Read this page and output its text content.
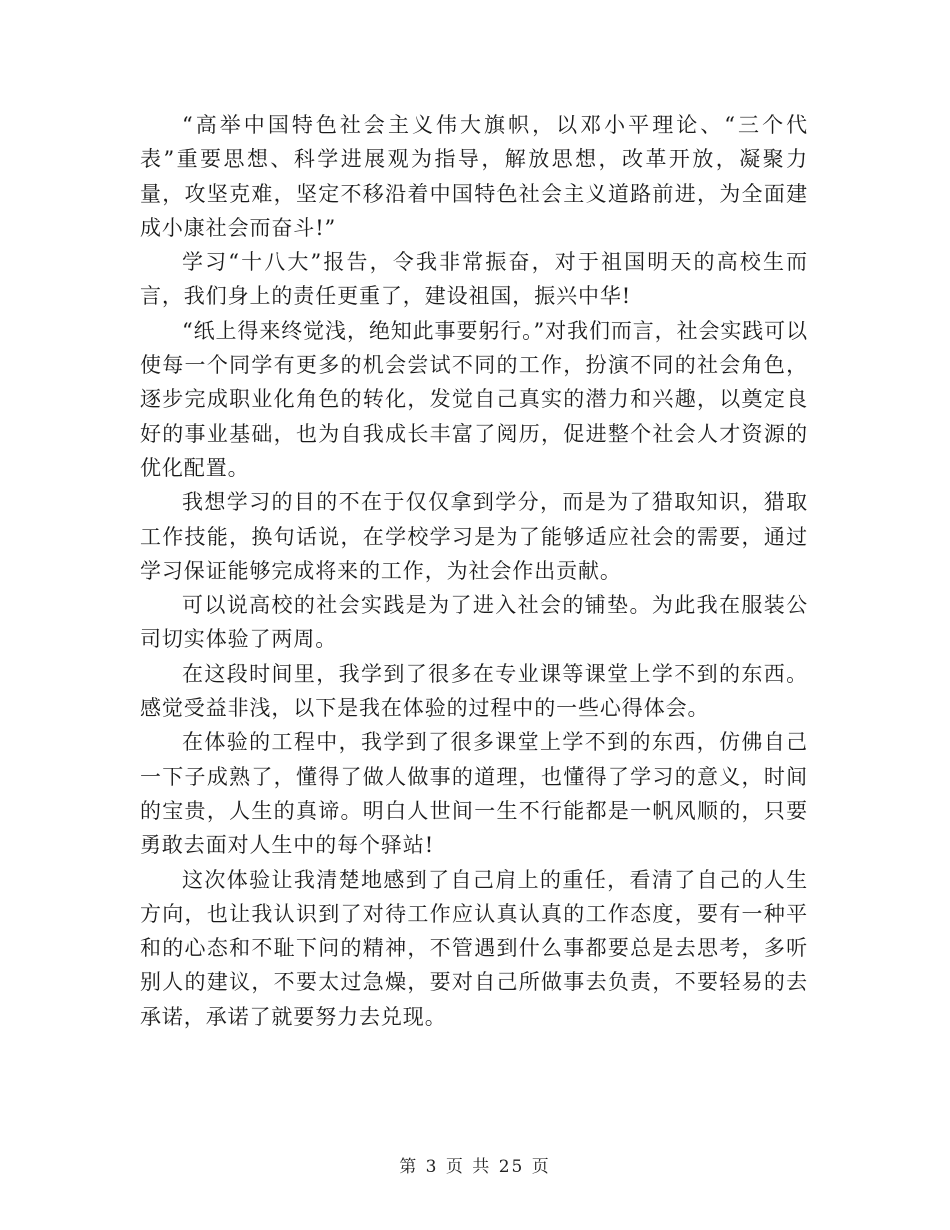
“高举中国特色社会主义伟大旗帜，以邓小平理论、“三个代表”重要思想、科学进展观为指导，解放思想，改革开放，凝聚力量，攻坚克难，坚定不移沿着中国特色社会主义道路前进，为全面建成小康社会而奋斗!”

学习“十八大”报告，令我非常振奋，对于祖国明天的高校生而言，我们身上的责任更重了，建设祖国，振兴中华!

“纸上得来终觉浅，绝知此事要躬行。”对我们而言，社会实践可以使每一个同学有更多的机会尝试不同的工作，扮演不同的社会角色，逐步完成职业化角色的转化，发觉自己真实的潜力和兴趣，以奠定良好的事业基础，也为自我成长丰富了阅历，促进整个社会人才资源的优化配置。

我想学习的目的不在于仅仅拿到学分，而是为了猎取知识，猎取工作技能，换句话说，在学校学习是为了能够适应社会的需要，通过学习保证能够完成将来的工作，为社会作出贡献。

可以说高校的社会实践是为了进入社会的铺垫。为此我在服装公司切实体验了两周。

在这段时间里，我学到了很多在专业课等课堂上学不到的东西。感觉受益非浅，以下是我在体验的过程中的一些心得体会。

在体验的工程中，我学到了很多课堂上学不到的东西，仿佛自己一下子成熟了，懂得了做人做事的道理，也懂得了学习的意义，时间的宝贵，人生的真谛。明白人世间一生不行能都是一帆风顺的，只要勇敢去面对人生中的每个驿站!

这次体验让我清楚地感到了自己肩上的重任，看清了自己的人生方向，也让我认识到了对待工作应认真认真的工作态度，要有一种平和的心态和不耻下问的精神，不管遇到什么事都要总是去思考，多听别人的建议，不要太过急燥，要对自己所做事去负责，不要轻易的去承诺，承诺了就要努力去兑现。

第 3 页 共 25 页
